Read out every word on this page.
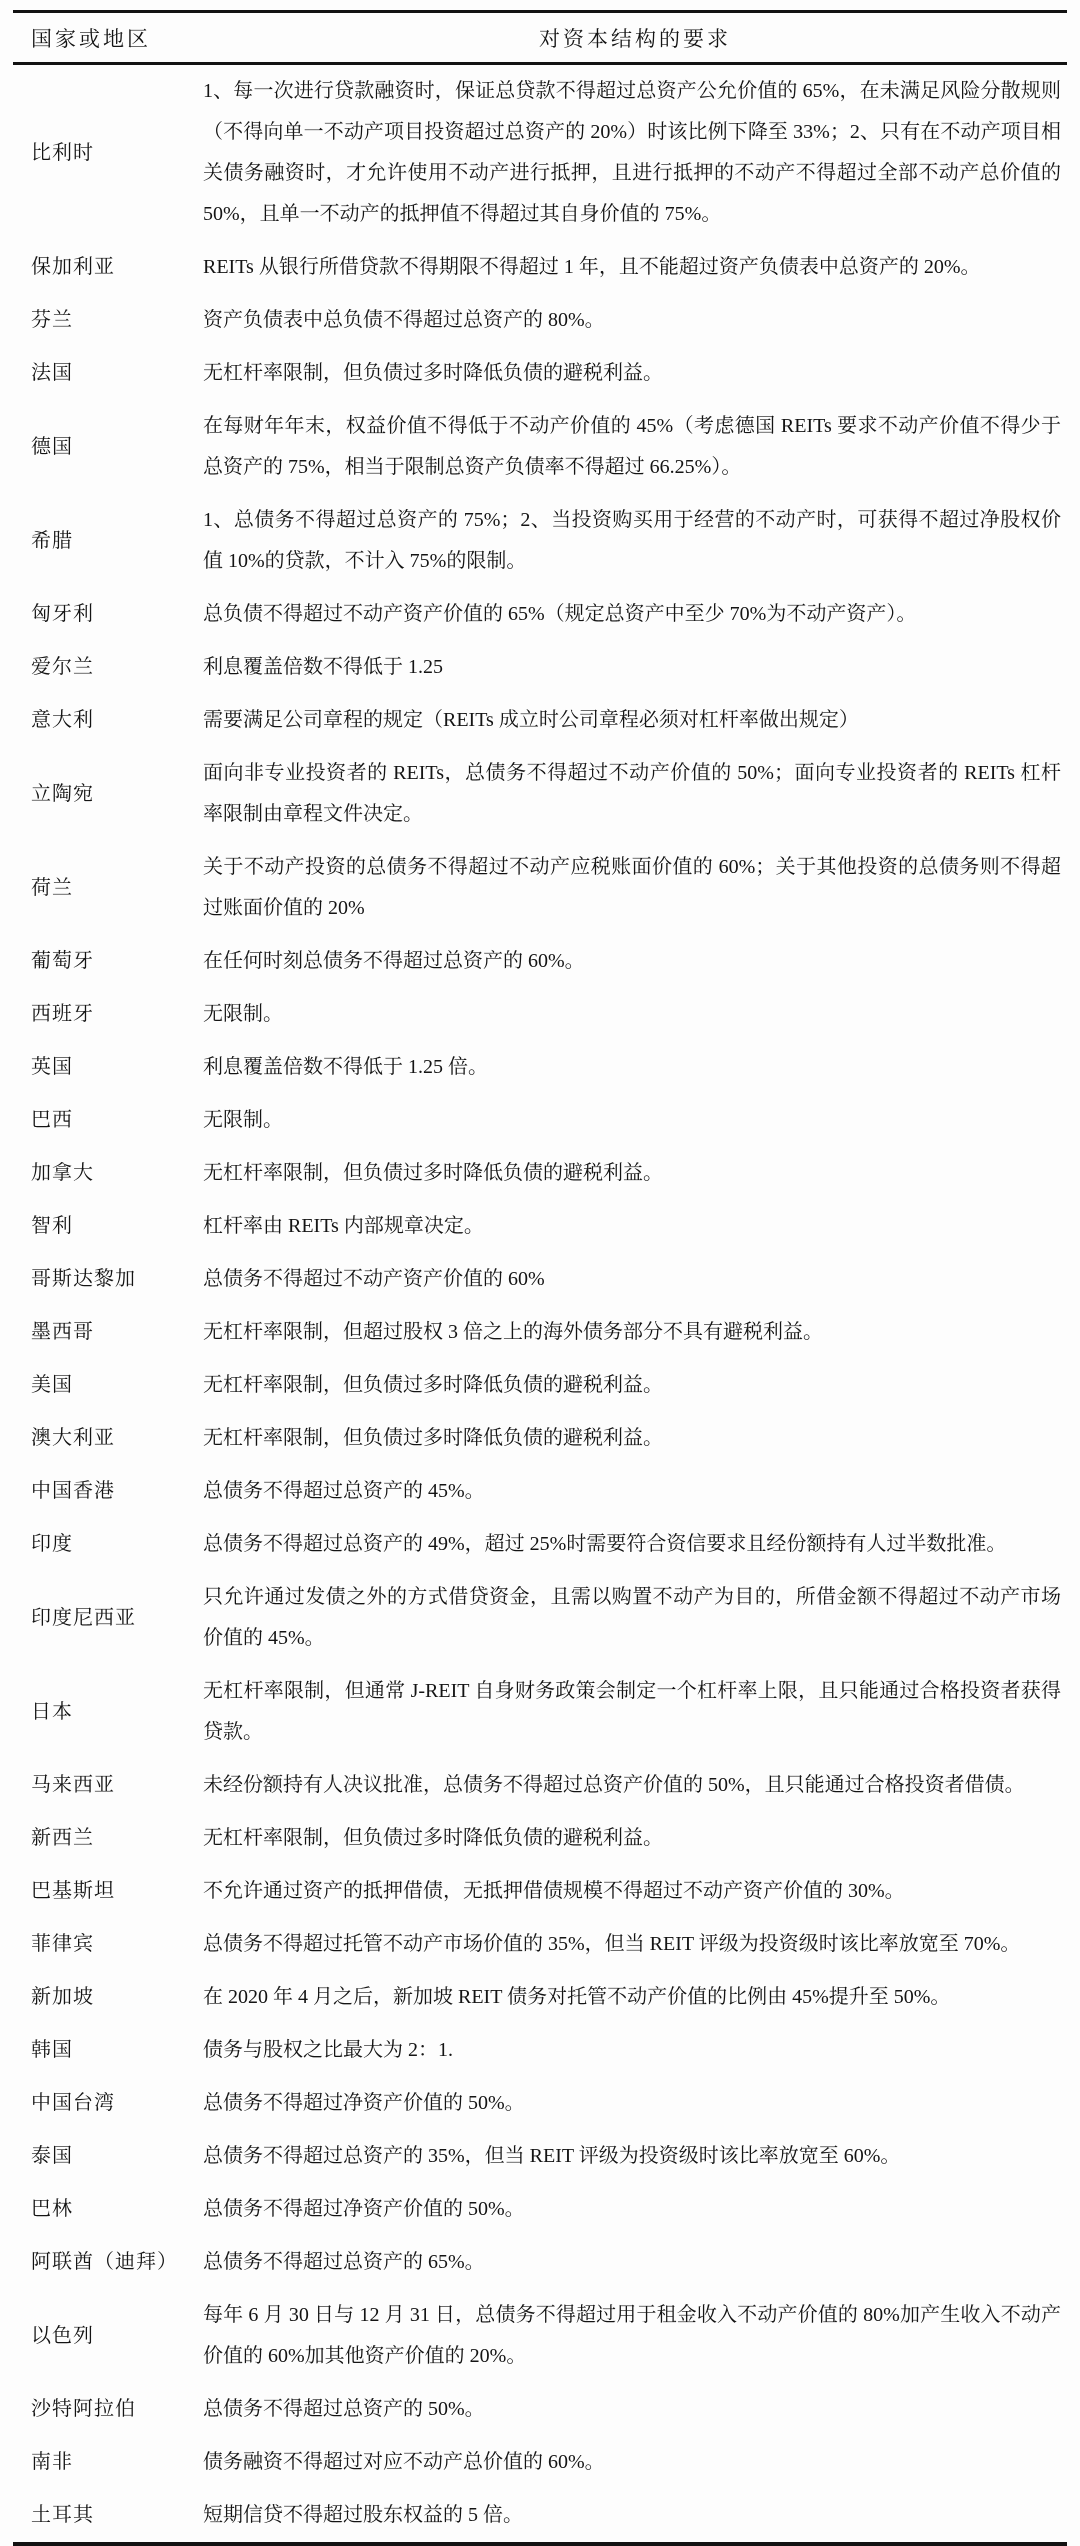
国家或地区	对资本结构的要求
比利时	1、每一次进行贷款融资时，保证总贷款不得超过总资产公允价值的 65%，在未满足风险分散规则（不得向单一不动产项目投资超过总资产的 20%）时该比例下降至 33%；2、只有在不动产项目相关债务融资时，才允许使用不动产进行抵押，且进行抵押的不动产不得超过全部不动产总价值的 50%，且单一不动产的抵押值不得超过其自身价值的 75%。
保加利亚	REITs 从银行所借贷款不得期限不得超过 1 年，且不能超过资产负债表中总资产的 20%。
芬兰	资产负债表中总负债不得超过总资产的 80%。
法国	无杠杆率限制，但负债过多时降低负债的避税利益。
德国	在每财年年末，权益价值不得低于不动产价值的 45%（考虑德国 REITs 要求不动产价值不得少于总资产的 75%，相当于限制总资产负债率不得超过 66.25%）。
希腊	1、总债务不得超过总资产的 75%；2、当投资购买用于经营的不动产时，可获得不超过净股权价值 10%的贷款，不计入 75%的限制。
匈牙利	总负债不得超过不动产资产价值的 65%（规定总资产中至少 70%为不动产资产）。
爱尔兰	利息覆盖倍数不得低于 1.25
意大利	需要满足公司章程的规定（REITs 成立时公司章程必须对杠杆率做出规定）
立陶宛	面向非专业投资者的 REITs，总债务不得超过不动产价值的 50%；面向专业投资者的 REITs 杠杆率限制由章程文件决定。
荷兰	关于不动产投资的总债务不得超过不动产应税账面价值的 60%；关于其他投资的总债务则不得超过账面价值的 20%
葡萄牙	在任何时刻总债务不得超过总资产的 60%。
西班牙	无限制。
英国	利息覆盖倍数不得低于 1.25 倍。
巴西	无限制。
加拿大	无杠杆率限制，但负债过多时降低负债的避税利益。
智利	杠杆率由 REITs 内部规章决定。
哥斯达黎加	总债务不得超过不动产资产价值的 60%
墨西哥	无杠杆率限制，但超过股权 3 倍之上的海外债务部分不具有避税利益。
美国	无杠杆率限制，但负债过多时降低负债的避税利益。
澳大利亚	无杠杆率限制，但负债过多时降低负债的避税利益。
中国香港	总债务不得超过总资产的 45%。
印度	总债务不得超过总资产的 49%，超过 25%时需要符合资信要求且经份额持有人过半数批准。
印度尼西亚	只允许通过发债之外的方式借贷资金，且需以购置不动产为目的，所借金额不得超过不动产市场价值的 45%。
日本	无杠杆率限制，但通常 J-REIT 自身财务政策会制定一个杠杆率上限，且只能通过合格投资者获得贷款。
马来西亚	未经份额持有人决议批准，总债务不得超过总资产价值的 50%，且只能通过合格投资者借债。
新西兰	无杠杆率限制，但负债过多时降低负债的避税利益。
巴基斯坦	不允许通过资产的抵押借债，无抵押借债规模不得超过不动产资产价值的 30%。
菲律宾	总债务不得超过托管不动产市场价值的 35%，但当 REIT 评级为投资级时该比率放宽至 70%。
新加坡	在 2020 年 4 月之后，新加坡 REIT 债务对托管不动产价值的比例由 45%提升至 50%。
韩国	债务与股权之比最大为 2：1.
中国台湾	总债务不得超过净资产价值的 50%。
泰国	总债务不得超过总资产的 35%，但当 REIT 评级为投资级时该比率放宽至 60%。
巴林	总债务不得超过净资产价值的 50%。
阿联酋（迪拜）	总债务不得超过总资产的 65%。
以色列	每年 6 月 30 日与 12 月 31 日，总债务不得超过用于租金收入不动产价值的 80%加产生收入不动产价值的 60%加其他资产价值的 20%。
沙特阿拉伯	总债务不得超过总资产的 50%。
南非	债务融资不得超过对应不动产总价值的 60%。
土耳其	短期信贷不得超过股东权益的 5 倍。
